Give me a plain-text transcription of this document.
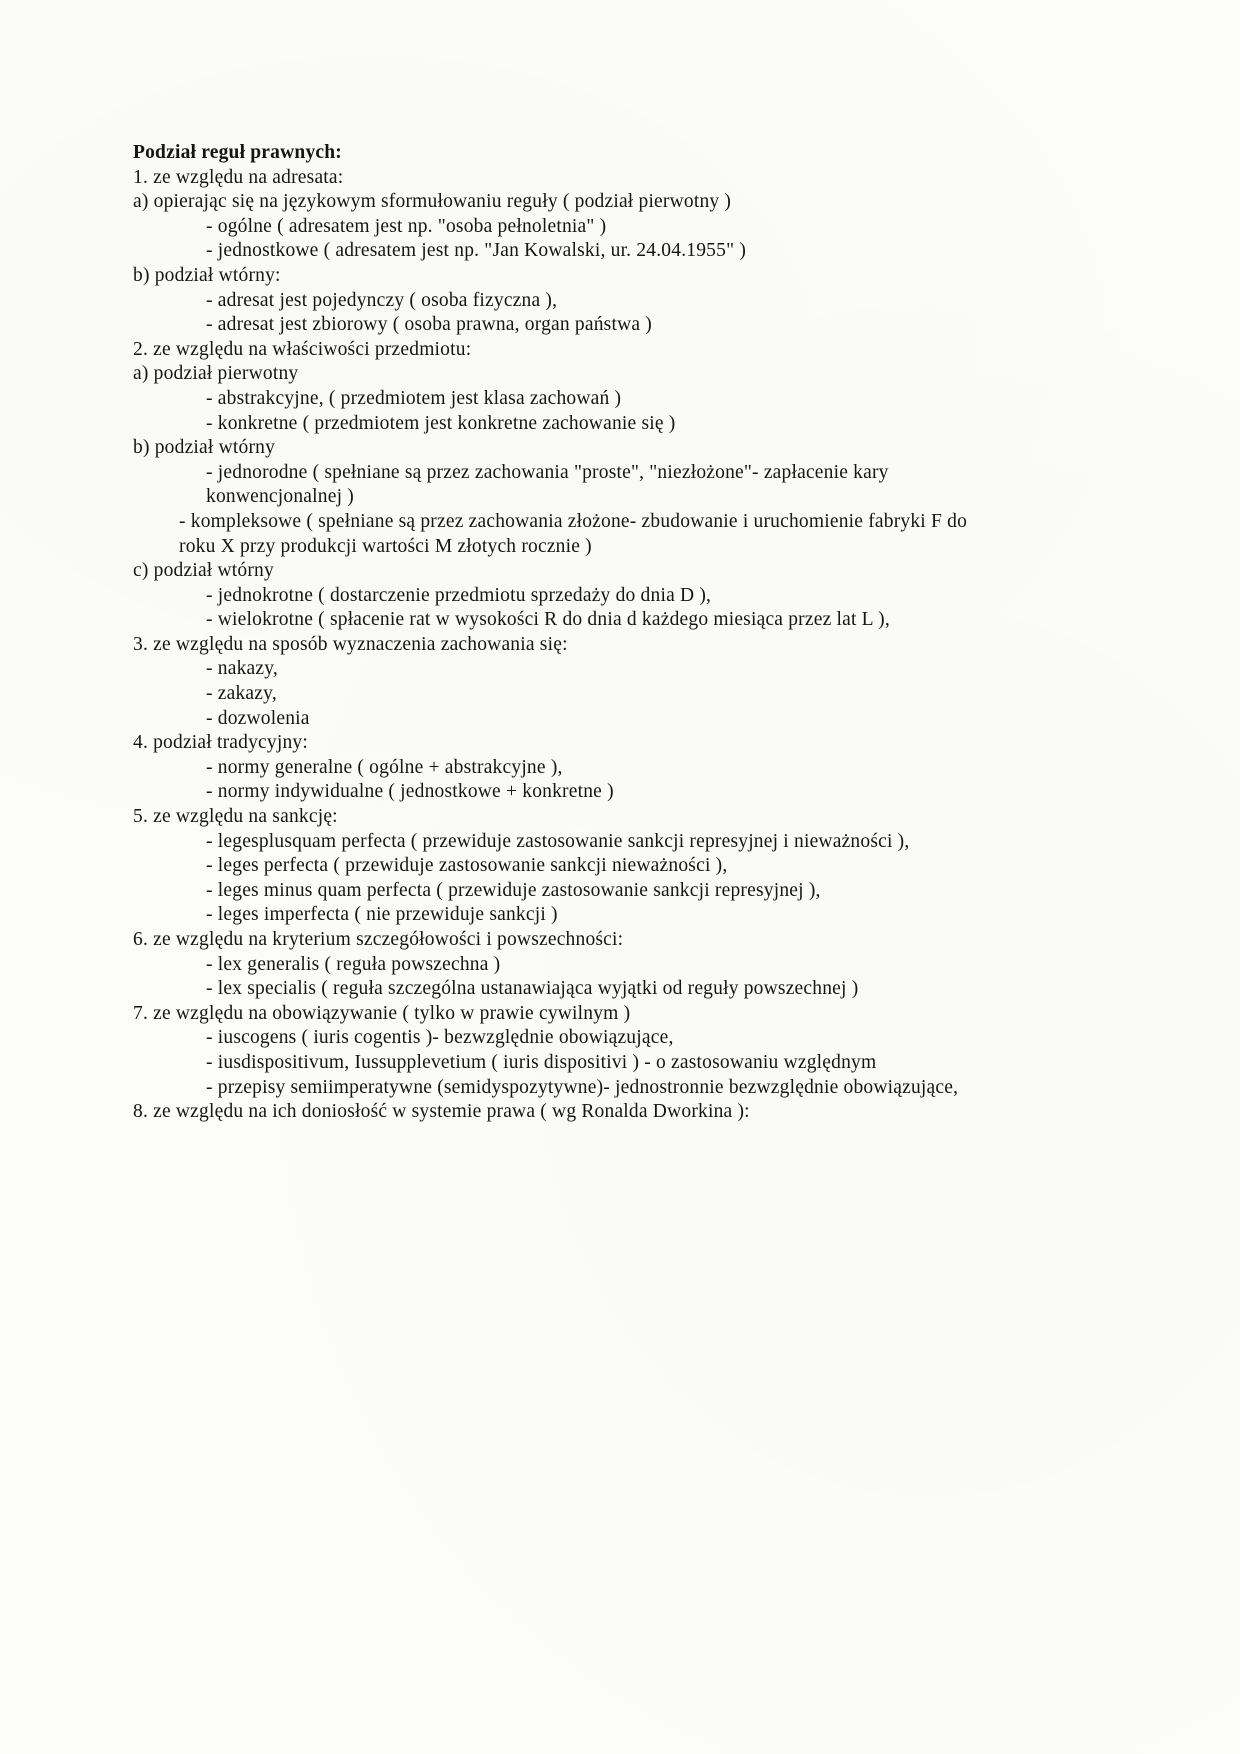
Podział reguł prawnych:
1. ze względu na adresata:
a) opierając się na językowym sformułowaniu reguły ( podział pierwotny )
- ogólne ( adresatem jest np. "osoba pełnoletnia" )
- jednostkowe ( adresatem jest np. "Jan Kowalski, ur. 24.04.1955" )
b) podział wtórny:
- adresat jest pojedynczy ( osoba fizyczna ),
- adresat jest zbiorowy ( osoba prawna, organ państwa )
2. ze względu na właściwości przedmiotu:
a) podział pierwotny
- abstrakcyjne, ( przedmiotem jest klasa zachowań )
- konkretne ( przedmiotem jest konkretne zachowanie się )
b) podział wtórny
- jednorodne ( spełniane są przez zachowania "proste", "niezłożone"- zapłacenie kary
konwencjonalnej )
- kompleksowe ( spełniane są przez zachowania złożone- zbudowanie i uruchomienie fabryki F do
roku X przy produkcji wartości M złotych rocznie )
c) podział wtórny
- jednokrotne ( dostarczenie przedmiotu sprzedaży do dnia D ),
- wielokrotne ( spłacenie rat w wysokości R do dnia d każdego miesiąca przez lat L ),
3. ze względu na sposób wyznaczenia zachowania się:
- nakazy,
- zakazy,
- dozwolenia
4. podział tradycyjny:
- normy generalne ( ogólne + abstrakcyjne ),
- normy indywidualne ( jednostkowe + konkretne )
5. ze względu na sankcję:
- legesplusquam perfecta ( przewiduje zastosowanie sankcji represyjnej i nieważności ),
- leges perfecta ( przewiduje zastosowanie sankcji nieważności ),
- leges minus quam perfecta ( przewiduje zastosowanie sankcji represyjnej ),
- leges imperfecta ( nie przewiduje sankcji )
6. ze względu na kryterium szczegółowości i powszechności:
- lex generalis ( reguła powszechna )
- lex specialis ( reguła szczególna ustanawiająca wyjątki od reguły powszechnej )
7. ze względu na obowiązywanie ( tylko w prawie cywilnym )
- iuscogens ( iuris cogentis )- bezwzględnie obowiązujące,
- iusdispositivum, Iussupplevetium ( iuris dispositivi ) - o zastosowaniu względnym
- przepisy semiimperatywne (semidyspozytywne)- jednostronnie bezwzględnie obowiązujące,
8. ze względu na ich doniosłość w systemie prawa ( wg Ronalda Dworkina ):
